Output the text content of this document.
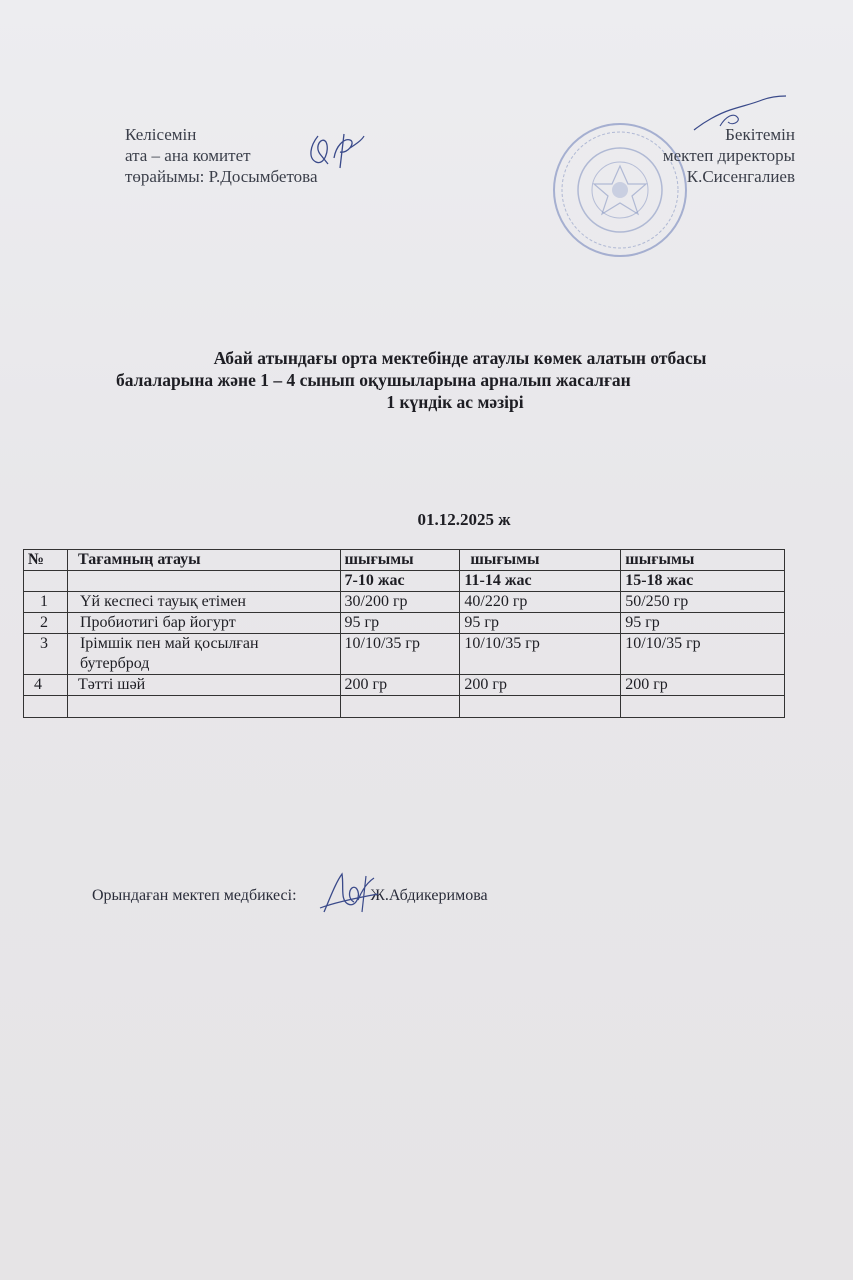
Келісемін
ата – ана комитет
төрайымы: Р.Досымбетова
Бекітемін
мектеп директоры
К.Сисенгалиев
Абай атындағы орта мектебінде атаулы көмек алатын отбасы
балаларына және 1 – 4 сынып оқушыларына арналып жасалған
1 күндік ас мәзірі
01.12.2025 ж
№	Тағамның атауы	шығымы	шығымы	шығымы
		7-10 жас	11-14 жас	15-18 жас
1	Үй кеспесі тауық етімен	30/200 гр	40/220 гр	50/250 гр
2	Пробиотигі бар йогурт	95 гр	95 гр	95 гр
3	Ірімшік пен май қосылған бутерброд	10/10/35 гр	10/10/35 гр	10/10/35 гр
4	Тәтті шәй	200 гр	200 гр	200 гр

Орындаған мектеп медбикесі:	Ж.Абдикеримова
